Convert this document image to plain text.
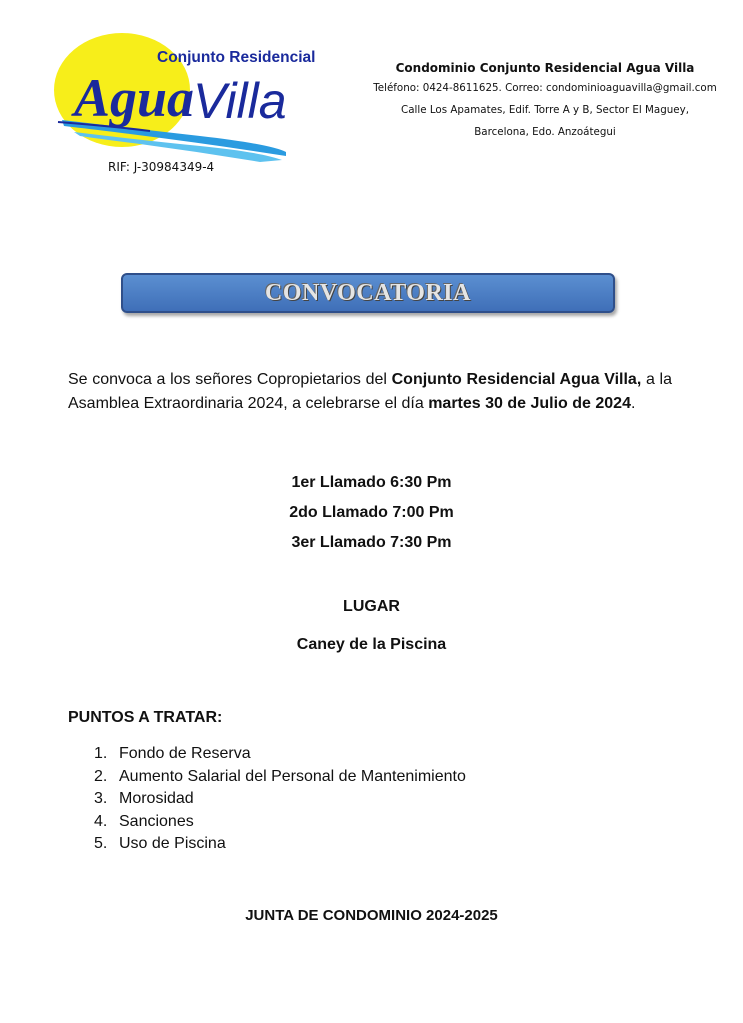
Conjunto Residencial
Agua
Villa
RIF: J-30984349-4
Condominio Conjunto Residencial Agua Villa
Teléfono: 0424-8611625. Correo: condominioaguavilla@gmail.com
Calle Los Apamates, Edif. Torre A y B, Sector El Maguey,
Barcelona, Edo. Anzoátegui
CONVOCATORIA
Se convoca a los señores Copropietarios del Conjunto Residencial Agua Villa, a la Asamblea Extraordinaria 2024, a celebrarse el día martes 30 de Julio de 2024.
1er Llamado 6:30 Pm
2do Llamado 7:00 Pm
3er Llamado 7:30 Pm
LUGAR
Caney de la Piscina
PUNTOS A TRATAR:
1. Fondo de Reserva
2. Aumento Salarial del Personal de Mantenimiento
3. Morosidad
4. Sanciones
5. Uso de Piscina
JUNTA DE CONDOMINIO 2024-2025
